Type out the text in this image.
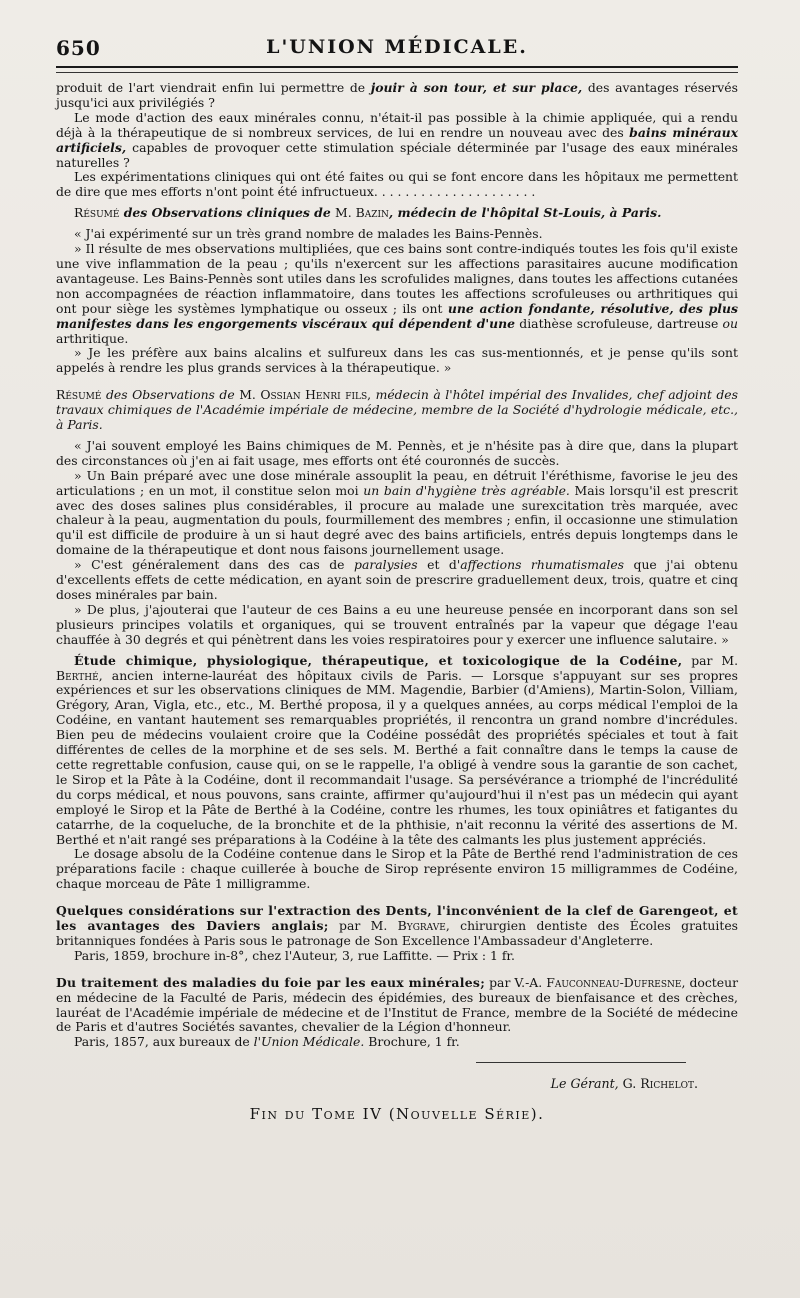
650	L'UNION MÉDICALE.

produit de l'art viendrait enfin lui permettre de jouir à son tour, et sur place, des avantages réservés jusqu'ici aux privilégiés ?

Le mode d'action des eaux minérales connu, n'était-il pas possible à la chimie appliquée, qui a rendu déjà à la thérapeutique de si nombreux services, de lui en rendre un nouveau avec des bains minéraux artificiels, capables de provoquer cette stimulation spéciale déterminée par l'usage des eaux minérales naturelles ?

Les expérimentations cliniques qui ont été faites ou qui se font encore dans les hôpitaux me permettent de dire que mes efforts n'ont point été infructueux. . . . . . . . . . . . . . . . . . . . .

Résumé des Observations cliniques de M. Bazin, médecin de l'hôpital St-Louis, à Paris.

« J'ai expérimenté sur un très grand nombre de malades les Bains-Pennès.

» Il résulte de mes observations multipliées, que ces bains sont contre-indiqués toutes les fois qu'il existe une vive inflammation de la peau ; qu'ils n'exercent sur les affections parasitaires aucune modification avantageuse. Les Bains-Pennès sont utiles dans les scrofulides malignes, dans toutes les affections cutanées non accompagnées de réaction inflammatoire, dans toutes les affections scrofuleuses ou arthritiques qui ont pour siège les systèmes lymphatique ou osseux ; ils ont une action fondante, résolutive, des plus manifestes dans les engorgements viscéraux qui dépendent d'une diathèse scrofuleuse, dartreuse ou arthritique.

» Je les préfère aux bains alcalins et sulfureux dans les cas sus-mentionnés, et je pense qu'ils sont appelés à rendre les plus grands services à la thérapeutique. »

Résumé des Observations de M. Ossian Henri fils, médecin à l'hôtel impérial des Invalides, chef adjoint des travaux chimiques de l'Académie impériale de médecine, membre de la Société d'hydrologie médicale, etc., à Paris.

« J'ai souvent employé les Bains chimiques de M. Pennès, et je n'hésite pas à dire que, dans la plupart des circonstances où j'en ai fait usage, mes efforts ont été couronnés de succès.

» Un Bain préparé avec une dose minérale assouplit la peau, en détruit l'éréthisme, favorise le jeu des articulations ; en un mot, il constitue selon moi un bain d'hygiène très agréable. Mais lorsqu'il est prescrit avec des doses salines plus considérables, il procure au malade une surexcitation très marquée, avec chaleur à la peau, augmentation du pouls, fourmillement des membres ; enfin, il occasionne une stimulation qu'il est difficile de produire à un si haut degré avec des bains artificiels, entrés depuis longtemps dans le domaine de la thérapeutique et dont nous faisons journellement usage.

» C'est généralement dans des cas de paralysies et d'affections rhumatismales que j'ai obtenu d'excellents effets de cette médication, en ayant soin de prescrire graduellement deux, trois, quatre et cinq doses minérales par bain.

» De plus, j'ajouterai que l'auteur de ces Bains a eu une heureuse pensée en incorporant dans son sel plusieurs principes volatils et organiques, qui se trouvent entraînés par la vapeur que dégage l'eau chauffée à 30 degrés et qui pénètrent dans les voies respiratoires pour y exercer une influence salutaire. »

Étude chimique, physiologique, thérapeutique, et toxicologique de la Codéine, par M. Berthé, ancien interne-lauréat des hôpitaux civils de Paris. — Lorsque s'appuyant sur ses propres expériences et sur les observations cliniques de MM. Magendie, Barbier (d'Amiens), Martin-Solon, Villiam, Grégory, Aran, Vigla, etc., etc., M. Berthé proposa, il y a quelques années, au corps médical l'emploi de la Codéine, en vantant hautement ses remarquables propriétés, il rencontra un grand nombre d'incrédules. Bien peu de médecins voulaient croire que la Codéine possédât des propriétés spéciales et tout à fait différentes de celles de la morphine et de ses sels. M. Berthé a fait connaître dans le temps la cause de cette regrettable confusion, cause qui, on se le rappelle, l'a obligé à vendre sous la garantie de son cachet, le Sirop et la Pâte à la Codéine, dont il recommandait l'usage. Sa persévérance a triomphé de l'incrédulité du corps médical, et nous pouvons, sans crainte, affirmer qu'aujourd'hui il n'est pas un médecin qui ayant employé le Sirop et la Pâte de Berthé à la Codéine, contre les rhumes, les toux opiniâtres et fatigantes du catarrhe, de la coqueluche, de la bronchite et de la phthisie, n'ait reconnu la vérité des assertions de M. Berthé et n'ait rangé ses préparations à la Codéine à la tête des calmants les plus justement appréciés.

Le dosage absolu de la Codéine contenue dans le Sirop et la Pâte de Berthé rend l'administration de ces préparations facile : chaque cuillerée à bouche de Sirop représente environ 15 milligrammes de Codéine, chaque morceau de Pâte 1 milligramme.

Quelques considérations sur l'extraction des Dents, l'inconvénient de la clef de Garengeot, et les avantages des Daviers anglais; par M. Bygrave, chirurgien dentiste des Écoles gratuites britanniques fondées à Paris sous le patronage de Son Excellence l'Ambassadeur d'Angleterre.

Paris, 1859, brochure in-8°, chez l'Auteur, 3, rue Laffitte. — Prix : 1 fr.

Du traitement des maladies du foie par les eaux minérales; par V.-A. Fauconneau-Dufresne, docteur en médecine de la Faculté de Paris, médecin des épidémies, des bureaux de bienfaisance et des crèches, lauréat de l'Académie impériale de médecine et de l'Institut de France, membre de la Société de médecine de Paris et d'autres Sociétés savantes, chevalier de la Légion d'honneur.

Paris, 1857, aux bureaux de l'Union Médicale. Brochure, 1 fr.

Le Gérant, G. Richelot.

Fin du Tome IV (Nouvelle Série).
